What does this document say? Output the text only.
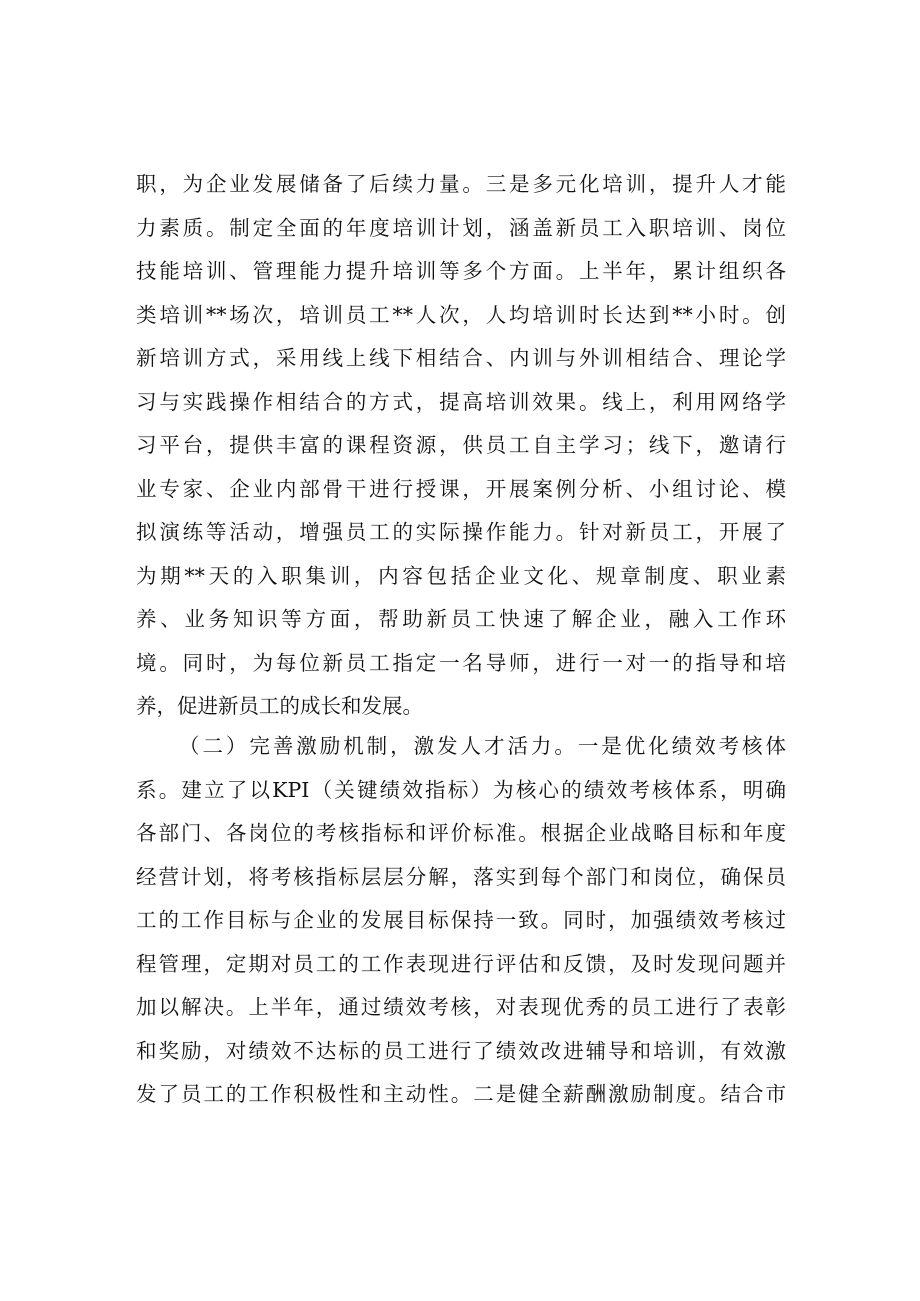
职，为企业发展储备了后续力量。三是多元化培训，提升人才能
力素质。制定全面的年度培训计划，涵盖新员工入职培训、岗位
技能培训、管理能力提升培训等多个方面。上半年，累计组织各
类培训**场次，培训员工**人次，人均培训时长达到**小时。创
新培训方式，采用线上线下相结合、内训与外训相结合、理论学
习与实践操作相结合的方式，提高培训效果。线上，利用网络学
习平台，提供丰富的课程资源，供员工自主学习；线下，邀请行
业专家、企业内部骨干进行授课，开展案例分析、小组讨论、模
拟演练等活动，增强员工的实际操作能力。针对新员工，开展了
为期**天的入职集训，内容包括企业文化、规章制度、职业素
养、业务知识等方面，帮助新员工快速了解企业，融入工作环
境。同时，为每位新员工指定一名导师，进行一对一的指导和培
养，促进新员工的成长和发展。
（二）完善激励机制，激发人才活力。一是优化绩效考核体
系。建立了以KPI（关键绩效指标）为核心的绩效考核体系，明确
各部门、各岗位的考核指标和评价标准。根据企业战略目标和年度
经营计划，将考核指标层层分解，落实到每个部门和岗位，确保员
工的工作目标与企业的发展目标保持一致。同时，加强绩效考核过
程管理，定期对员工的工作表现进行评估和反馈，及时发现问题并
加以解决。上半年，通过绩效考核，对表现优秀的员工进行了表彰
和奖励，对绩效不达标的员工进行了绩效改进辅导和培训，有效激
发了员工的工作积极性和主动性。二是健全薪酬激励制度。结合市
